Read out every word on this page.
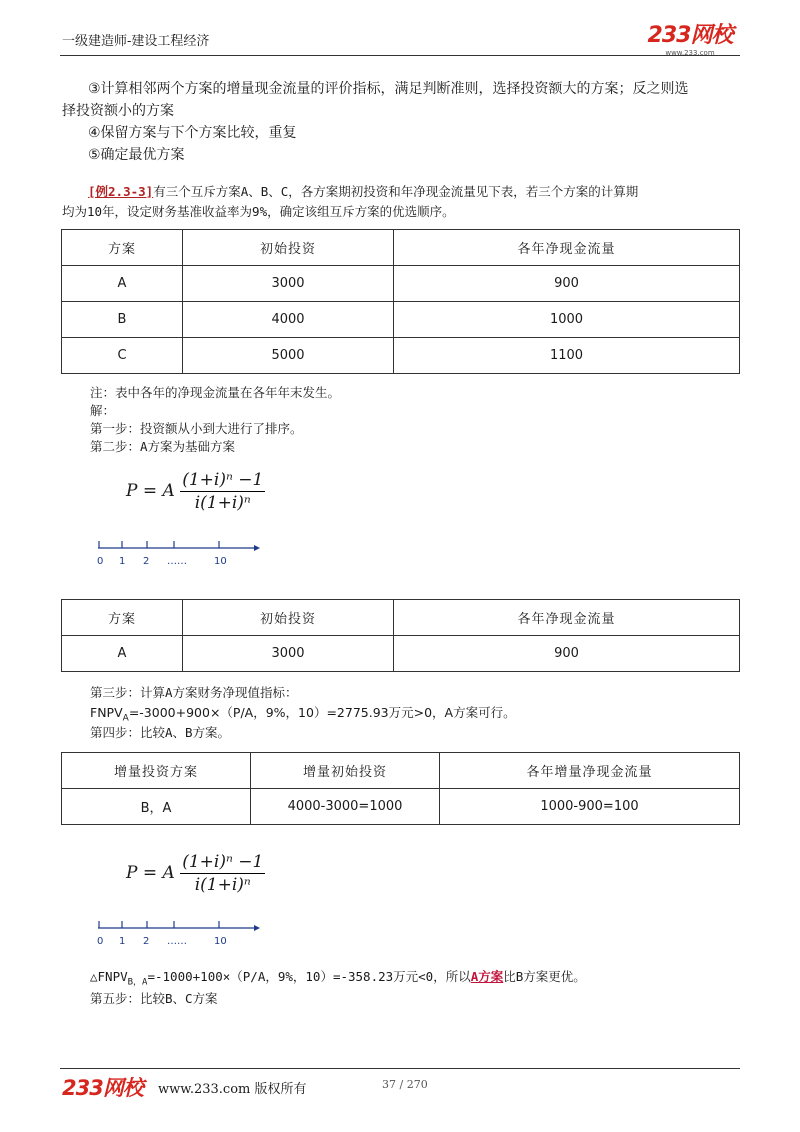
一级建造师-建设工程经济	233网校
www.233.com
③计算相邻两个方案的增量现金流量的评价指标，满足判断准则，选择投资额大的方案；反之则选
择投资额小的方案
④保留方案与下个方案比较，重复
⑤确定最优方案
[例2.3-3]有三个互斥方案A、B、C，各方案期初投资和年净现金流量见下表，若三个方案的计算期
均为10年，设定财务基准收益率为9%，确定该组互斥方案的优选顺序。
方案	初始投资	各年净现金流量
A	3000	900
B	4000	1000
C	5000	1100
注：表中各年的净现金流量在各年年末发生。
解：
第一步：投资额从小到大进行了排序。
第二步：A方案为基础方案
P = A $\frac{\text{(1+i)ⁿ −1}}{\text{i(1+i)ⁿ}}$
0 1 2 ……	10
方案	初始投资	各年净现金流量
A	3000	900
第三步：计算A方案财务净现值指标：
$FNPV_A=-3000+900\times(P/A$，9%，10）=2775.93万元>0，A方案可行。
第四步：比较A、B方案。
增量投资方案	增量初始投资	各年增量净现金流量
B，A	4000-3000=1000	1000-900=100
P = A $\frac{\text{(1+i)ⁿ −1}}{\text{i(1+i)ⁿ}}$
0 1 2 ……	10
$\triangle FNPV_{B,A}=-1000+100\times(P/A$，9%，10）=-358.23万元<0，所以A方案比B方案更优。
第五步：比较B、C方案
233网校 www.233.com 版权所有	37 / 270
